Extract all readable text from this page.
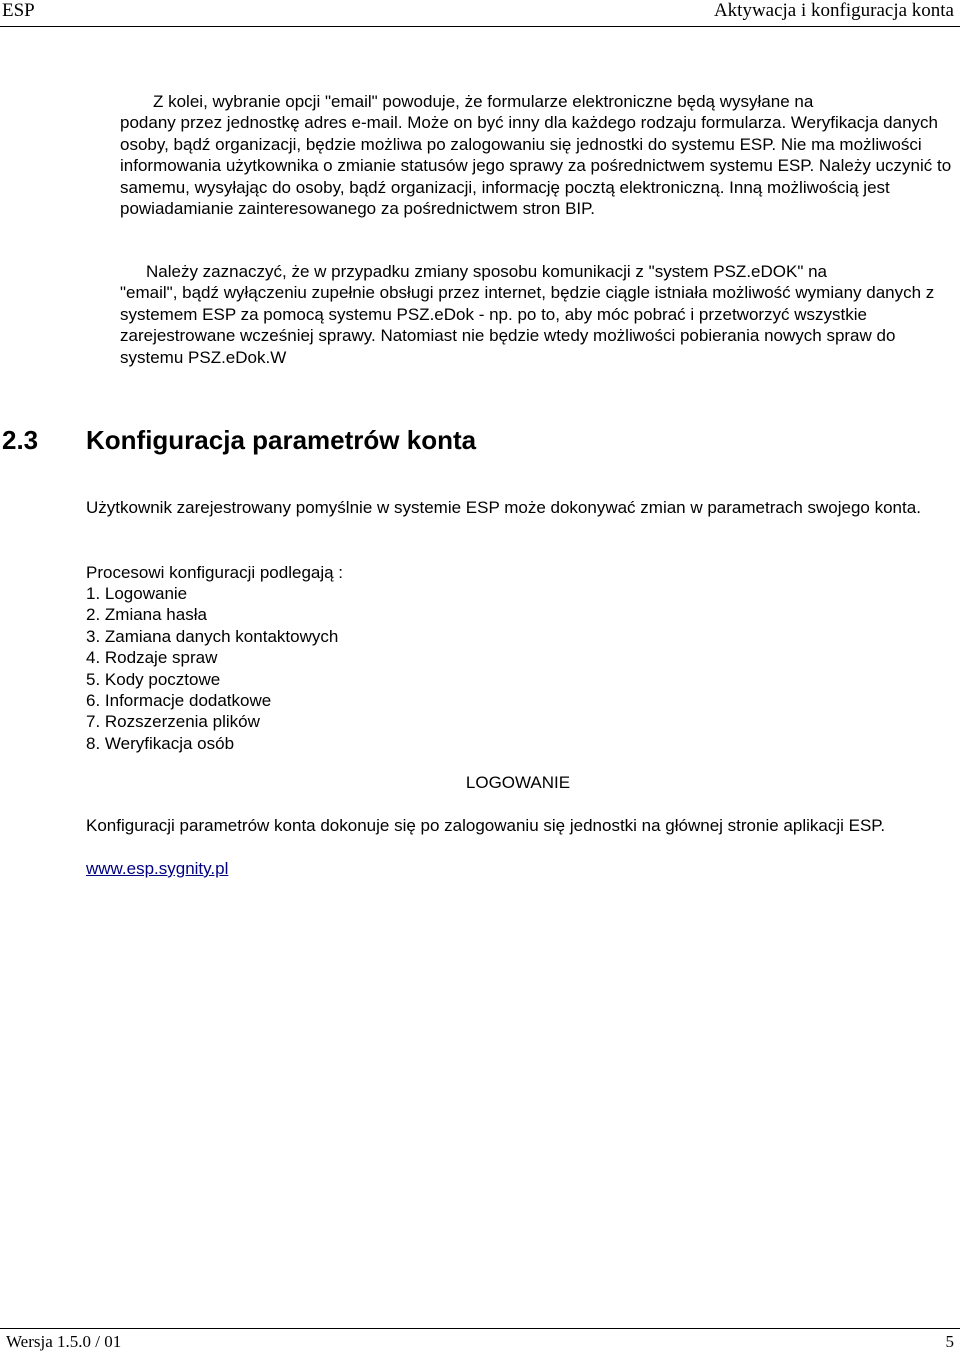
ESP	Aktywacja i konfiguracja konta

Z kolei, wybranie opcji "email" powoduje, że formularze elektroniczne będą wysyłane na
podany przez jednostkę adres e-mail. Może on być inny dla każdego rodzaju formularza. Weryfikacja danych osoby, bądź organizacji, będzie możliwa po zalogowaniu się jednostki do systemu ESP. Nie ma możliwości informowania użytkownika o zmianie statusów jego sprawy za pośrednictwem systemu ESP. Należy uczynić to samemu, wysyłając do osoby, bądź organizacji, informację pocztą elektroniczną. Inną możliwością jest powiadamianie zainteresowanego za pośrednictwem stron BIP.

Należy zaznaczyć, że w przypadku zmiany sposobu komunikacji z "system PSZ.eDOK" na
"email", bądź wyłączeniu zupełnie obsługi przez internet, będzie ciągle istniała możliwość wymiany danych z systemem ESP za pomocą systemu PSZ.eDok - np. po to, aby móc pobrać i przetworzyć wszystkie zarejestrowane wcześniej sprawy. Natomiast nie będzie wtedy możliwości pobierania nowych spraw do systemu PSZ.eDok.W

2.3 Konfiguracja parametrów konta

Użytkownik zarejestrowany pomyślnie w systemie ESP może dokonywać zmian w parametrach swojego konta.

Procesowi konfiguracji podlegają :

1. Logowanie
2. Zmiana hasła
3. Zamiana danych kontaktowych
4. Rodzaje spraw
5. Kody pocztowe
6. Informacje dodatkowe
7. Rozszerzenia plików
8. Weryfikacja osób
LOGOWANIE

Konfiguracji parametrów konta dokonuje się po zalogowaniu się jednostki na głównej stronie aplikacji ESP.

www.esp.sygnity.pl
Wersja 1.5.0 / 01	5
